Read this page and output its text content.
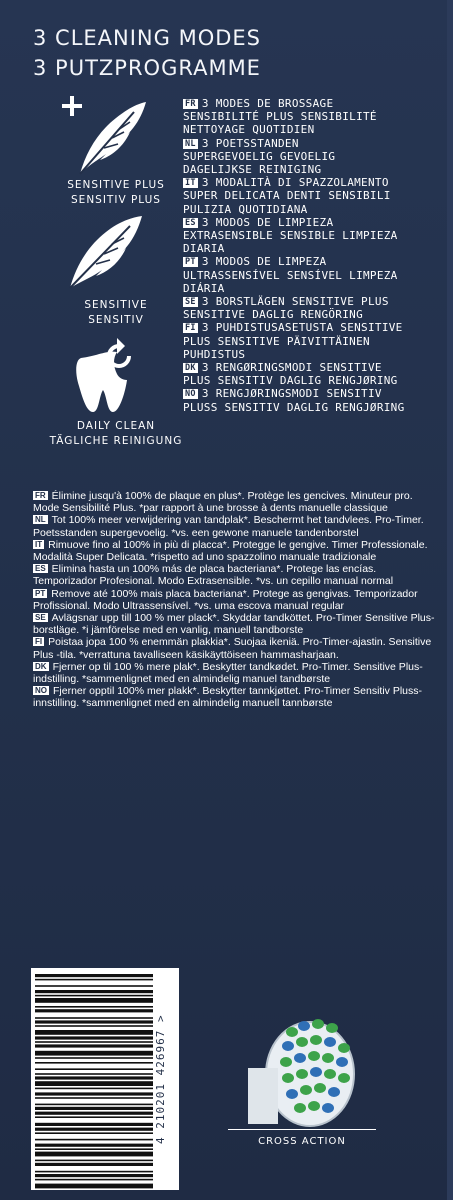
3 CLEANING MODES
3 PUTZPROGRAMME
SENSITIVE PLUS
SENSITIV PLUS
SENSITIVE
SENSITIV
DAILY CLEAN
TÄGLICHE REINIGUNG
FR 3 MODES DE BROSSAGE
SENSIBILITÉ PLUS SENSIBILITÉ
NETTOYAGE QUOTIDIEN
NL 3 POETSSTANDEN
SUPERGEVOELIG GEVOELIG
DAGELIJKSE REINIGING
IT 3 MODALITÀ DI SPAZZOLAMENTO
SUPER DELICATA DENTI SENSIBILI
PULIZIA QUOTIDIANA
ES 3 MODOS DE LIMPIEZA
EXTRASENSIBLE SENSIBLE LIMPIEZA
DIARIA
PT 3 MODOS DE LIMPEZA
ULTRASSENSÍVEL SENSÍVEL LIMPEZA
DIÁRIA
SE 3 BORSTLÄGEN SENSITIVE PLUS
SENSITIVE DAGLIG RENGÖRING
FI 3 PUHDISTUSASETUSTA SENSITIVE
PLUS SENSITIVE PÄIVITTÄINEN
PUHDISTUS
DK 3 RENGØRINGSMODI SENSITIVE
PLUS SENSITIV DAGLIG RENGJØRING
NO 3 RENGJØRINGSMODI SENSITIV
PLUSS SENSITIV DAGLIG RENGJØRING

FR Élimine jusqu'à 100% de plaque en plus*. Protège les gencives. Minuteur pro. Mode Sensibilité Plus. *par rapport à une brosse à dents manuelle classique

NL Tot 100% meer verwijdering van tandplak*. Beschermt het tandvlees. Pro-Timer. Poetsstanden supergevoelig. *vs. een gewone manuele tandenborstel

IT Rimuove fino al 100% in più di placca*. Protegge le gengive. Timer Professionale. Modalità Super Delicata. *rispetto ad uno spazzolino manuale tradizionale

ES Elimina hasta un 100% más de placa bacteriana*. Protege las encías. Temporizador Profesional. Modo Extrasensible. *vs. un cepillo manual normal

PT Remove até 100% mais placa bacteriana*. Protege as gengivas. Temporizador Profissional. Modo Ultrassensível. *vs. uma escova manual regular

SE Avlägsnar upp till 100 % mer plack*. Skyddar tandköttet. Pro-Timer Sensitive Plus-borstläge. *i jämförelse med en vanlig, manuell tandborste

FI Poistaa jopa 100 % enemmän plakkia*. Suojaa ikeniä. Pro-Timer-ajastin. Sensitive Plus -tila. *verrattuna tavalliseen käsikäyttöiseen hammasharjaan.

DK Fjerner op til 100 % mere plak*. Beskytter tandkødet. Pro-Timer. Sensitive Plus-indstilling. *sammenlignet med en almindelig manuel tandbørste

NO Fjerner opptil 100% mer plakk*. Beskytter tannkjøttet. Pro-Timer Sensitiv Pluss-innstilling. *sammenlignet med en almindelig manuell tannbørste

4 210201 426967 >	CROSS ACTION
